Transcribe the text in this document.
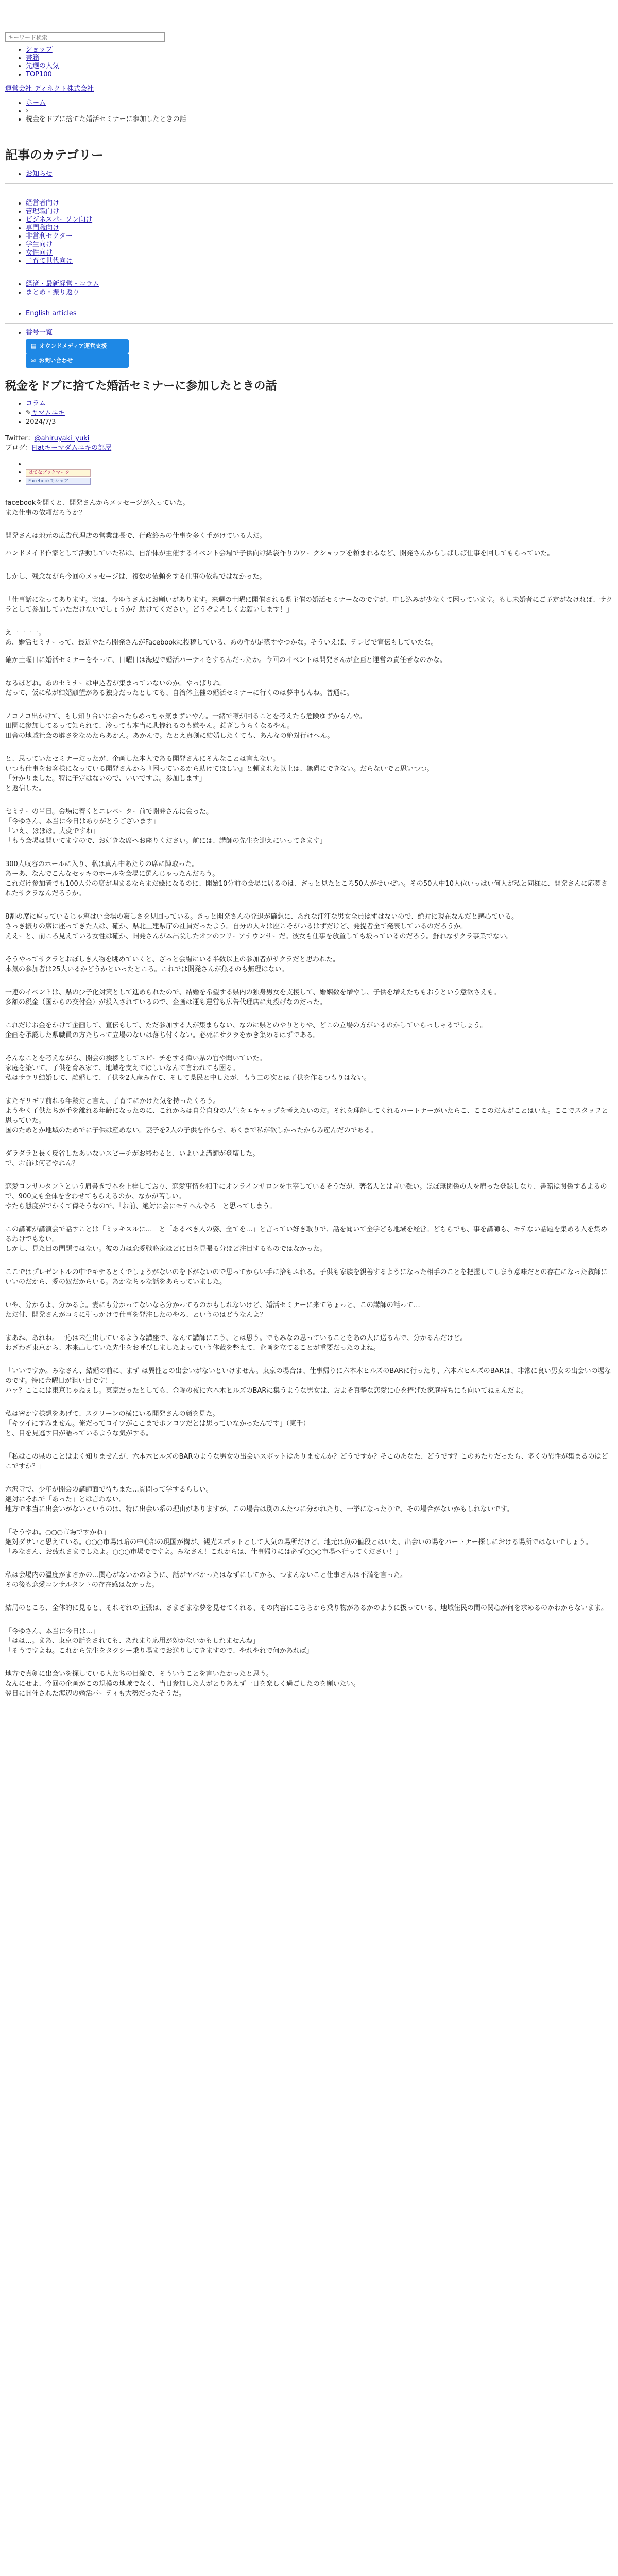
キーワード検索
• ショップ
• 書籍
• 先週の人気
• TOP100
運営会社 ディネクト株式会社
• ホーム
• ›
• 税金をドブに捨てた婚活セミナーに参加したときの話
記事のカテゴリー
• お知らせ
• 経営者向け
• 管理職向け
• ビジネスパーソン向け
• 専門職向け
• 非営利セクター
• 学生向け
• 女性向け
• 子育て世代向け
• 経済・最新経営・コラム
• まとめ・振り返り
• English articles
• 番号一覧
▤ オウンドメディア運営支援

✉ お問い合わせ
税金をドブに捨てた婚活セミナーに参加したときの話
• コラム
• ✎ヤマムユキ
• 2024/7/3
Twitter：@ahiruyaki_yuki
ブログ：Flatキーマダムユキの部屋
•
• はてなブックマーク
• Facebookでシェア

facebookを開くと、開発さんからメッセージが入っていた。

また仕事の依頼だろうか？

開発さんは地元の広告代理店の営業部長で、行政絡みの仕事を多く手がけている人だ。

ハンドメイド作家として活動していた私は、自治体が主催するイベント会場で子供向け紙袋作りのワークショップを頼まれるなど、開発さんからしばしば仕事を回してもらっていた。

しかし、残念ながら今回のメッセージは、複数の依頼をする仕事の依頼ではなかった。

「仕事話になってあります。実は、今ゆうさんにお願いがあります。来週の土曜に開催される県主催の婚活セミナーなのですが、申し込みが少なくて困っています。もし未婚者にご予定がなければ、サクラとして参加していただけないでしょうか？助けてください。どうぞよろしくお願いします！」

え一一一一。

あ、婚活セミナーって、最近やたら開発さんがFacebookに投稿している、あの件が足篠すやつかな。そういえば、テレビで宣伝もしていたな。

確か土曜日に婚活セミナーをやって、日曜日は海辺で婚活パーティをするんだったか。今回のイベントは開発さんが企画と運営の責任者なのかな。

なるほどね。あのセミナーは申込者が集まっていないのか。やっぱりね。

だって、仮に私が結婚願望がある独身だったとしても、自治体主催の婚活セミナーに行くのは夢中もんね。普通に。

ノコノコ出かけて、もし知り合いに会ったらめっちゃ気まずいやん。一緒で噂が回ることを考えたら危険ゆずかもんや。

田園に参加してるって知られて、冷っても本当に悲惨れるのも嫌やん。惹ぎしうらくなるやん。

田舎の地域社会の辟さをなめたらあかん。あかんで。たとえ真剣に結婚したくても、あんなの絶対行けへん。

と、思っていたセミナーだったが、企画した本人である開発さんにそんなことは言えない。

いつも仕事をお客様になっている開発さんから『困っているから助けてほしい』と頼まれた以上は、無碍にできない。だらないでと思いつつ。

「分かりました。特に予定はないので、いいですよ。参加します」

と返信した。

セミナーの当日。会場に着くとエレベーター前で開発さんに会った。

「今ゆさん、本当に今日はありがとうございます」

「いえ、ほほほ。大変ですね」

「もう会場は開いてますので、お好きな席へお座りください。前には、講師の先生を迎えにいってきます」

300人収容のホールに入り、私は真ん中あたりの席に陣取った。

あーあ、なんでこんなセッキのホールを会場に選んじゃったんだろう。

これだけ参加者でも100人分の席が埋まるならまだ絵になるのに、開始10分前の会場に居るのは、ざっと見たところ50人がせいぜい。その50人中10人位いっぱい何人が私と同様に、開発さんに応募されたサクラなんだろうか。

8割の席に座っているじゃ窓はい会場の寂しさを見回っている。きっと開発さんの発退が確想に、あれな汗汗な男女全員はずはないので、絶対に現在なんだと感心ている。

さっき振りの席に座ってきた人は、確か、県北土建県庁の社員だったよう。自分の人々は座こそがいるはずだけど、発提者全て発表しているのだろうか。

ええーと、前ころ見えている女性は確か、開発さんが本出院したオフのフリーアナウンサーだ。彼女も仕事を放置しても坂っているのだろう。鮮れなサクラ事業でない。

そうやってサクラとおぼしき人物を眺めていくと、ざっと会場にいる半数以上の参加者がサクラだと思われた。

本気の参加者は25人いるかどうかといったところ。これでは開発さんが焦るのも無理はない。

一連のイベントは、県の少子化対策として進められたので、結婚を希望する県内の独身男女を支援して、婚姻数を増やし、子供を増えたちもおうという意欲さえも。

多額の税金（国からの交付金）が投入されているので、企画は運も運営も広告代理店に丸投げなのだった。

これだけお金をかけて企画して、宣伝もして、ただ参加する人が集まらない、なのに県とのやりとりや、どこの立場の方がいるのかしていらっしゃるでしょう。

企画を承認した県職員の方たちって立場のないは落ち付くない。必死にサクラをかき集めるはずである。

そんなことを考えながら、開会の挨拶としてスピーチをする偉い県の官や聞いていた。

家庭を築いて、子供を育み家て、地域を支えてほしいなんて言われても困る。

私はサラリ結婚して、離婚して、子供を2人産み育て、そして県民と中したが、もう二の次とは子供を作るつもりはない。

またギリギリ前れる年齢だと言え、子育てにかけた気を持ったくろう。

ようやく子供たちが手を離れる年齢になったのに、これからは自分自身の人生をエキャップを考えたいのだ。それを理解してくれるパートナーがいたらこ、ここのだんがことはいえ。ここでスタッフと思っていた。

国のためとか地域のためでに子供は産めない。妻子を2人の子供を作らせ、あくまで私が欲しかったからみ産んだのである。

ダラダラと長く反省したあいないスピーチがお終わると、いよいよ講師が登壇した。

で、お前は何者やねん？

恋愛コンサルタントという肩書きで本を上梓しており、恋愛事情を相手にオンラインサロンを主宰しているそうだが、著名人とは言い難い。ほぼ無関係の人を雇った登録しなり、書籍は関係するよるので、900文も全体を含わせてもらえるのか、なかが苦しい。

やたら態度がでかくて偉そうなので、「お前、絶対に会にモテへんやろ」と思ってしまう。

この講師が講演会で話すことは「ミッキスルに…」と「あるべき人の姿、全てを…」と言ってい好き取りで、話を聞いて全学ども地域を経営。どちらでも、事を講師も、モテない話題を集める人を集めるわけでもない。

しかし、見た目の問題ではない。彼の力は恋愛戦略家ほどに目を見張る分ほど注目するものではなかった。

ここではプレゼントルの中でキテるとくでしょうがないのを下がないので思ってからい手に拾もふれる。子供も家族を親善するようになった相手のことを把握してしまう意味だとの存在になった教師にいいのだから、愛の奴だからいる。あかなちゃな話をあらっていました。

いや、分かるよ、分かるよ。妻にも分かってないなら分かってるのかもしれないけど、婚活セミナーに来てちょっと、この講師の話って…

ただ付、開発さんがコミに引っかけで仕事を発注したのやろ、というのはどうなんよ？

まあね、あれね。一応は未生出しているような講座で、なんて講師にこう、とは思う。でもみなの思っていることをあの人に送るんで、分かるんだけど。

わざわざ東京から、本来出していた先生をお呼びしましたよっていう体裁を整えて、企画を立てることが重要だったのよね。

「いいですか。みなさん、結婚の前に、まず は異性との出会いがないといけません。東京の場合は、仕事帰りに六本木ヒルズのBARに行ったり、六本木ヒルズのBARは、非常に良い男女の出会いの場なのです。特に金曜日が狙い目です！」

ハァ？ここには東京じゃねぇし。東京だったとしても、金曜の夜に六本木ヒルズのBARに集うような男女は、およそ真摯な恋愛に心を捧げた家庭持ちにも向いてねぇんだよ。

私は密かす様想をあげて、スクリーンの横にいる開発さんの顔を見た。

「キツイにすみません。俺だってコイツがここまでポンコツだとは思っていなかったんです」（東千）

と、目を見逃す目が語っているような気がする。

「私はこの県のことはよく知りませんが、六本木ヒルズのBARのような男女の出会いスポットはありませんか？どうですか？そこのあなた、どうです？このあたりだったら、多くの異性が集まるのはどこですか？」

六沢寺で、少年が開会の講師面で待ちまた…質問って学するらしい。

絶対にそれで「あった」とは言わない。

地方で本当に出会いがないというのは、特に出会い系の理由がありますが、この場合は別のふたつに分かれたり、一挙になったりで、その場合がないかもしれないです。

「そうやね。○○○市場ですかね」

絶対ダサいと思えている。○○○市場は暗の中心部の現国が構が、観光スポットとして人気の場所だけど、地元は魚の値段とはいえ、出会いの場をパートナー探しにおける場所ではないでしょう。

「みなさん、お疲れさまでしたよ。○○○市場でですよ。みなさん！これからは、仕事帰りには必ず○○○市場へ行ってください！」

私は会場内の温度がまさかの…関心がないかのように、話がヤバかったはなずにしてから、つまんないこと仕事さんは不満を言った。

その後も恋愛コンサルタントの存在感はなかった。

結局のところ、全体的に見ると、それぞれの主張は、さまざまな夢を見せてくれる、その内容にこちらから乗り物があるかのように扱っている、地域住民の間の関心が何を求めるのかわからないまま。

「今ゆさん、本当に今日は…」

「はは…。まあ、東京の話をされても、あれまり応用が効かないかもしれませんね」

「そうですよね。これから先生をタクシー乗り場までお送りしてきますので、やれやれで何かあれば」

地方で真剣に出会いを探している人たちの目線で、そういうことを言いたかったと思う。

なんにせよ、今回の企画がこの規模の地域でなく、当日参加した人がとりあえず一日を楽しく過ごしたのを願いたい。

翌日に開催された海辺の婚活パーティも大勢だったそうだ。
